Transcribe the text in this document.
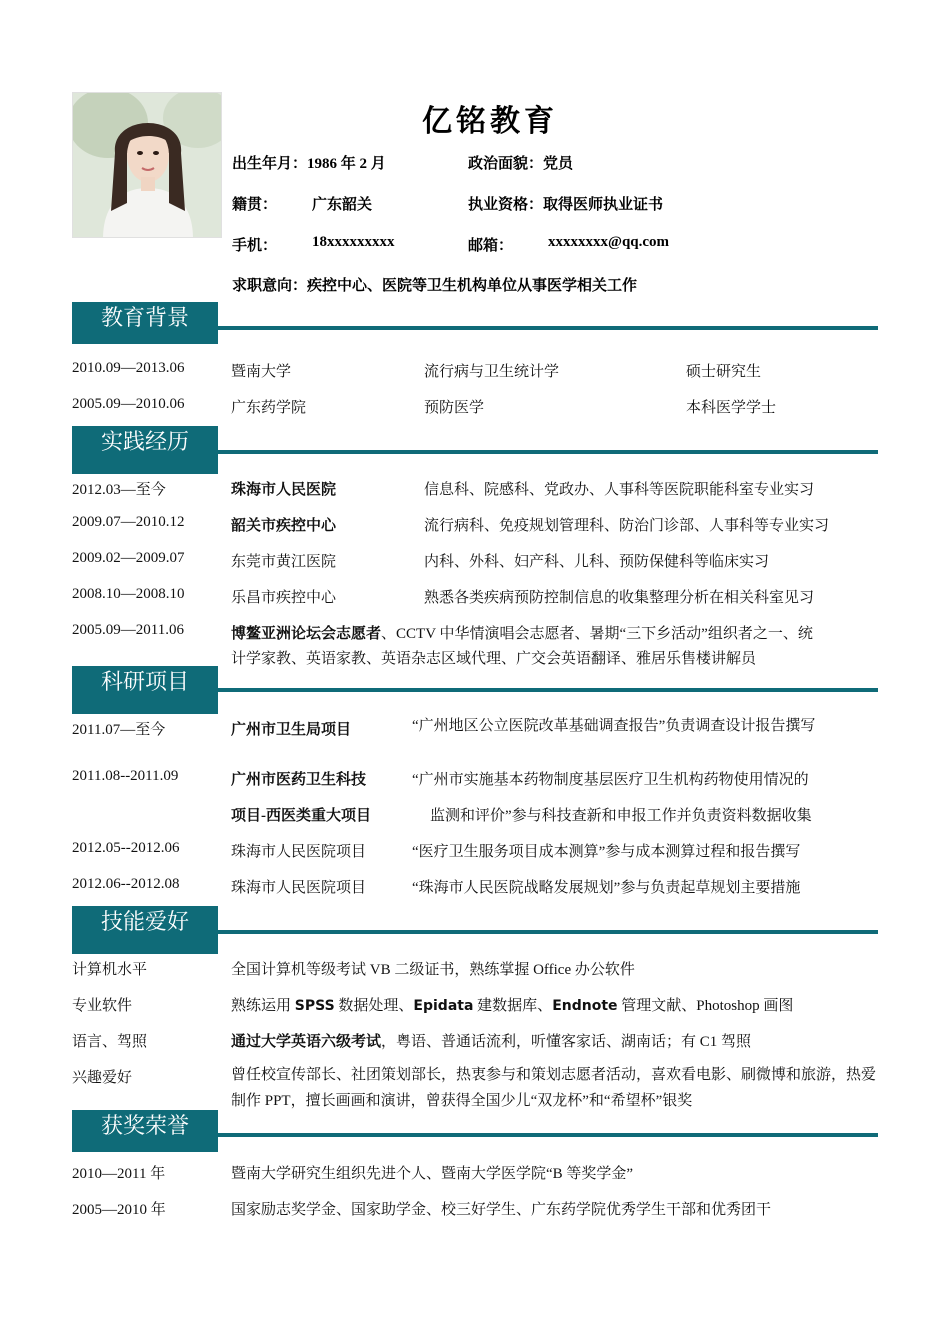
亿铭教育
出生年月：1986 年 2 月	政治面貌：党员
籍贯： 广东韶关	执业资格：取得医师执业证书
手机： 18xxxxxxxxx	邮箱： xxxxxxxx@qq.com
求职意向：疾控中心、医院等卫生机构单位从事医学相关工作
教育背景
2010.09—2013.06	暨南大学	流行病与卫生统计学	硕士研究生
2005.09—2010.06	广东药学院	预防医学	本科医学学士
实践经历
2012.03—至今	珠海市人民医院	信息科、院感科、党政办、人事科等医院职能科室专业实习
2009.07—2010.12	韶关市疾控中心	流行病科、免疫规划管理科、防治门诊部、人事科等专业实习
2009.02—2009.07	东莞市黄江医院	内科、外科、妇产科、儿科、预防保健科等临床实习
2008.10—2008.10	乐昌市疾控中心	熟悉各类疾病预防控制信息的收集整理分析在相关科室见习
2005.09—2011.06	博鳌亚洲论坛会志愿者、CCTV 中华情演唱会志愿者、暑期“三下乡活动”组织者之一、统
计学家教、英语家教、英语杂志区域代理、广交会英语翻译、雅居乐售楼讲解员
科研项目
2011.07—至今	广州市卫生局项目	“广州地区公立医院改革基础调查报告”负责调查设计报告撰写
2011.08--2011.09	广州市医药卫生科技	“广州市实施基本药物制度基层医疗卫生机构药物使用情况的
项目-西医类重大项目	监测和评价”参与科技查新和申报工作并负责资料数据收集
2012.05--2012.06	珠海市人民医院项目	“医疗卫生服务项目成本测算”参与成本测算过程和报告撰写
2012.06--2012.08	珠海市人民医院项目	“珠海市人民医院战略发展规划”参与负责起草规划主要措施
技能爱好
计算机水平	全国计算机等级考试 VB 二级证书，熟练掌握 Office 办公软件
专业软件	熟练运用 SPSS 数据处理、Epidata 建数据库、Endnote 管理文献、Photoshop 画图
语言、驾照	通过大学英语六级考试，粤语、普通话流利，听懂客家话、湖南话；有 C1 驾照
兴趣爱好	曾任校宣传部长、社团策划部长，热衷参与和策划志愿者活动，喜欢看电影、刷微博和旅游，热爱制作 PPT，擅长画画和演讲，曾获得全国少儿“双龙杯”和“希望杯”银奖
获奖荣誉
2010—2011 年	暨南大学研究生组织先进个人、暨南大学医学院“B 等奖学金”
2005—2010 年	国家励志奖学金、国家助学金、校三好学生、广东药学院优秀学生干部和优秀团干
